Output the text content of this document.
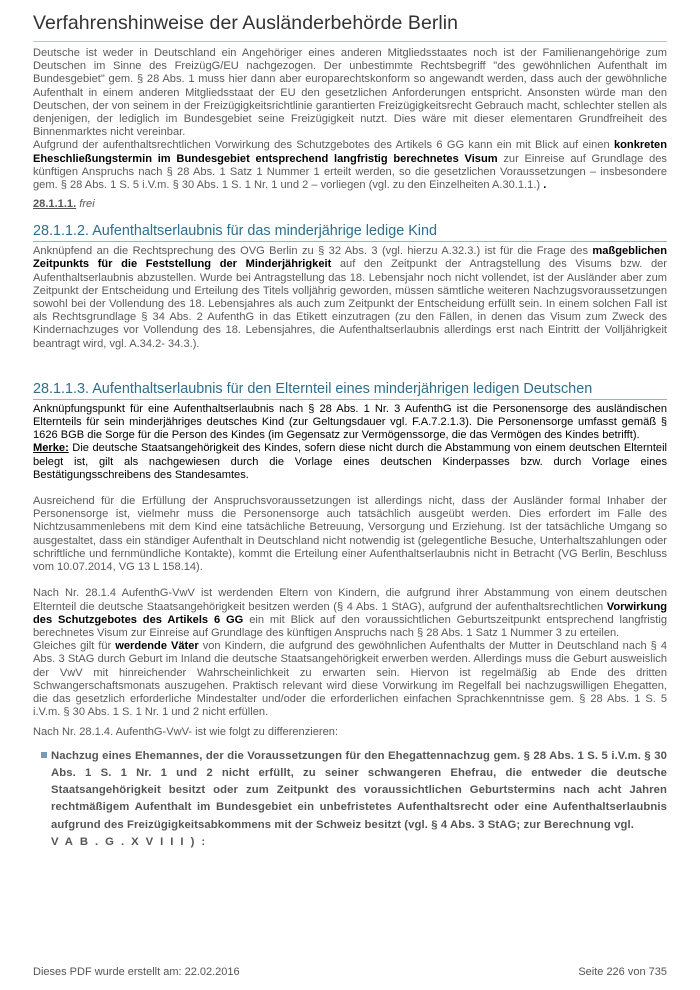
Verfahrenshinweise der Ausländerbehörde Berlin

Deutsche ist weder in Deutschland ein Angehöriger eines anderen Mitgliedsstaates noch ist der Familienangehörige zum Deutschen im Sinne des FreizügG/EU nachgezogen. Der unbestimmte Rechtsbegriff "des gewöhnlichen Aufenthalt im Bundesgebiet" gem. § 28 Abs. 1 muss hier dann aber europarechtskonform so angewandt werden, dass auch der gewöhnliche Aufenthalt in einem anderen Mitgliedsstaat der EU den gesetzlichen Anforderungen entspricht. Ansonsten würde man den Deutschen, der von seinem in der Freizügigkeitsrichtlinie garantierten Freizügigkeitsrecht Gebrauch macht, schlechter stellen als denjenigen, der lediglich im Bundesgebiet seine Freizügigkeit nutzt. Dies wäre mit dieser elementaren Grundfreiheit des Binnenmarktes nicht vereinbar.

Aufgrund der aufenthaltsrechtlichen Vorwirkung des Schutzgebotes des Artikels 6 GG kann ein mit Blick auf einen konkreten Eheschließungstermin im Bundesgebiet entsprechend langfristig berechnetes Visum zur Einreise auf Grundlage des künftigen Anspruchs nach § 28 Abs. 1 Satz 1 Nummer 1 erteilt werden, so die gesetzlichen Voraussetzungen – insbesondere gem. § 28 Abs. 1 S. 5 i.V.m. § 30 Abs. 1 S. 1 Nr. 1 und 2 – vorliegen (vgl. zu den Einzelheiten A.30.1.1.) .

28.1.1.1. frei

28.1.1.2. Aufenthaltserlaubnis für das minderjährige ledige Kind

Anknüpfend an die Rechtsprechung des OVG Berlin zu § 32 Abs. 3 (vgl. hierzu A.32.3.) ist für die Frage des maßgeblichen Zeitpunkts für die Feststellung der Minderjährigkeit auf den Zeitpunkt der Antragstellung des Visums bzw. der Aufenthaltserlaubnis abzustellen. Wurde bei Antragstellung das 18. Lebensjahr noch nicht vollendet, ist der Ausländer aber zum Zeitpunkt der Entscheidung und Erteilung des Titels volljährig geworden, müssen sämtliche weiteren Nachzugsvoraussetzungen sowohl bei der Vollendung des 18. Lebensjahres als auch zum Zeitpunkt der Entscheidung erfüllt sein. In einem solchen Fall ist als Rechtsgrundlage § 34 Abs. 2 AufenthG in das Etikett einzutragen (zu den Fällen, in denen das Visum zum Zweck des Kindernachzuges vor Vollendung des 18. Lebensjahres, die Aufenthaltserlaubnis allerdings erst nach Eintritt der Volljährigkeit beantragt wird, vgl. A.34.2- 34.3.).

28.1.1.3. Aufenthaltserlaubnis für den Elternteil eines minderjährigen ledigen Deutschen

Anknüpfungspunkt für eine Aufenthaltserlaubnis nach § 28 Abs. 1 Nr. 3 AufenthG ist die Personensorge des ausländischen Elternteils für sein minderjähriges deutsches Kind (zur Geltungsdauer vgl. F.A.7.2.1.3). Die Personensorge umfasst gemäß § 1626 BGB die Sorge für die Person des Kindes (im Gegensatz zur Vermögenssorge, die das Vermögen des Kindes betrifft).

Merke: Die deutsche Staatsangehörigkeit des Kindes, sofern diese nicht durch die Abstammung von einem deutschen Elternteil belegt ist, gilt als nachgewiesen durch die Vorlage eines deutschen Kinderpasses bzw. durch Vorlage eines Bestätigungsschreibens des Standesamtes.

Ausreichend für die Erfüllung der Anspruchsvoraussetzungen ist allerdings nicht, dass der Ausländer formal Inhaber der Personensorge ist, vielmehr muss die Personensorge auch tatsächlich ausgeübt werden. Dies erfordert im Falle des Nichtzusammenlebens mit dem Kind eine tatsächliche Betreuung, Versorgung und Erziehung. Ist der tatsächliche Umgang so ausgestaltet, dass ein ständiger Aufenthalt in Deutschland nicht notwendig ist (gelegentliche Besuche, Unterhaltszahlungen oder schriftliche und fernmündliche Kontakte), kommt die Erteilung einer Aufenthaltserlaubnis nicht in Betracht (VG Berlin, Beschluss vom 10.07.2014, VG 13 L 158.14).

Nach Nr. 28.1.4 AufenthG-VwV ist werdenden Eltern von Kindern, die aufgrund ihrer Abstammung von einem deutschen Elternteil die deutsche Staatsangehörigkeit besitzen werden (§ 4 Abs. 1 StAG), aufgrund der aufenthaltsrechtlichen Vorwirkung des Schutzgebotes des Artikels 6 GG ein mit Blick auf den voraussichtlichen Geburtszeitpunkt entsprechend langfristig berechnetes Visum zur Einreise auf Grundlage des künftigen Anspruchs nach § 28 Abs. 1 Satz 1 Nummer 3 zu erteilen.

Gleiches gilt für werdende Väter von Kindern, die aufgrund des gewöhnlichen Aufenthalts der Mutter in Deutschland nach § 4 Abs. 3 StAG durch Geburt im Inland die deutsche Staatsangehörigkeit erwerben werden. Allerdings muss die Geburt ausweislich der VwV mit hinreichender Wahrscheinlichkeit zu erwarten sein. Hiervon ist regelmäßig ab Ende des dritten Schwangerschaftsmonats auszugehen. Praktisch relevant wird diese Vorwirkung im Regelfall bei nachzugswilligen Ehegatten, die das gesetzlich erforderliche Mindestalter und/oder die erforderlichen einfachen Sprachkenntnisse gem. § 28 Abs. 1 S. 5 i.V.m. § 30 Abs. 1 S. 1 Nr. 1 und 2 nicht erfüllen.

Nach Nr. 28.1.4. AufenthG-VwV- ist wie folgt zu differenzieren:

Nachzug eines Ehemannes, der die Voraussetzungen für den Ehegattennachzug gem. § 28 Abs. 1 S. 5 i.V.m. § 30 Abs. 1 S. 1 Nr. 1 und 2 nicht erfüllt, zu seiner schwangeren Ehefrau, die entweder die deutsche Staatsangehörigkeit besitzt oder zum Zeitpunkt des voraussichtlichen Geburtstermins nach acht Jahren rechtmäßigem Aufenthalt im Bundesgebiet ein unbefristetes Aufenthaltsrecht oder eine Aufenthaltserlaubnis aufgrund des Freizügigkeitsabkommens mit der Schweiz besitzt (vgl. § 4 Abs. 3 StAG; zur Berechnung vgl.
VAB.G.XVIII):
Dieses PDF wurde erstellt am: 22.02.2016	Seite 226 von 735
